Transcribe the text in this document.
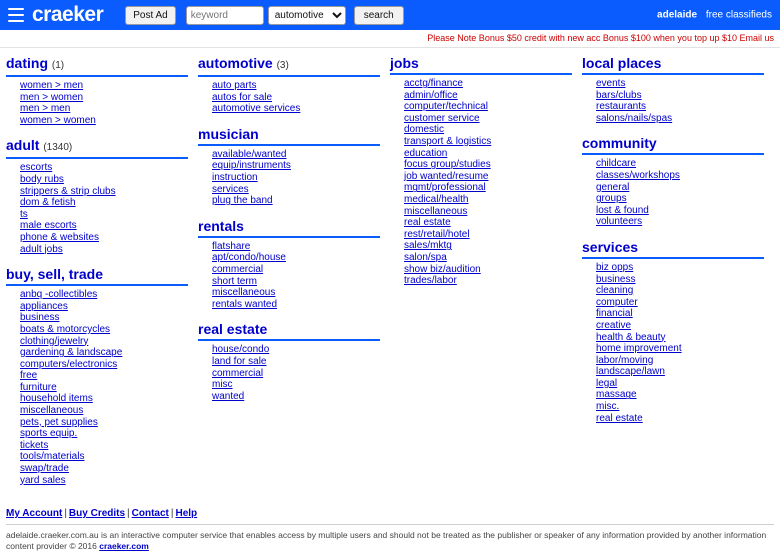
craeker	Post Ad
keyword
automotive	search	adelaide free classifieds
Please Note Bonus $50 credit with new acc Bonus $100 when you top up $10 Email us
dating (1)
women > men
men > women
men > men
women > women
adult (1340)
escorts
body rubs
strippers & strip clubs
dom & fetish
ts
male escorts
phone & websites
adult jobs
buy, sell, trade
anbq -collectibles
appliances
business
boats & motorcycles
clothing/jewelry
gardening & landscape
computers/electronics
free
furniture
household items
miscellaneous
pets, pet supplies
sports equip.
tickets
tools/materials
swap/trade
yard sales
automotive (3)
auto parts
autos for sale
automotive services
musician
available/wanted
equip/instruments
instruction
services
plug the band
rentals
flatshare
apt/condo/house
commercial
short term
miscellaneous
rentals wanted
real estate
house/condo
land for sale
commercial
misc
wanted
jobs
acctg/finance
admin/office
computer/technical
customer service
domestic
transport & logistics
education
focus group/studies
job wanted/resume
mgmt/professional
medical/health
miscellaneous
real estate
rest/retail/hotel
sales/mktg
salon/spa
show biz/audition
trades/labor
local places
events
bars/clubs
restaurants
salons/nails/spas
community
childcare
classes/workshops
general
groups
lost & found
volunteers
services
biz opps
business
cleaning
computer
financial
creative
health & beauty
home improvement
labor/moving
landscape/lawn
legal
massage
misc.
real estate
My Account | Buy Credits | Contact | Help
adelaide.craeker.com.au is an interactive computer service that enables access by multiple users and should not be treated as the publisher or speaker of any information provided by another information content provider © 2016 craeker.com
